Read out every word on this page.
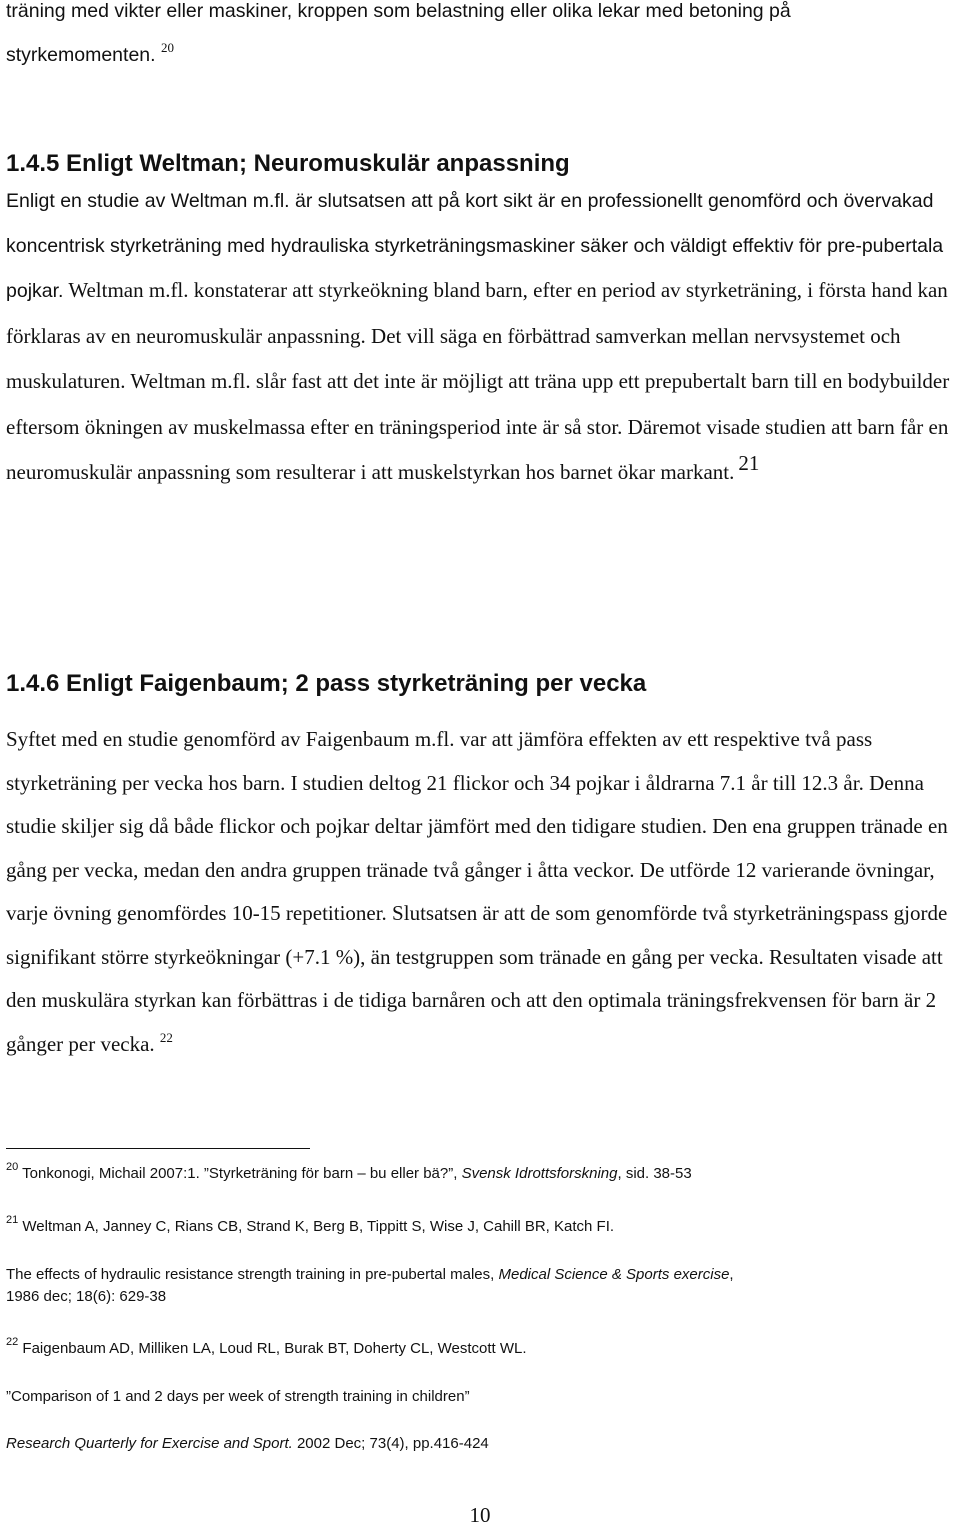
träning med vikter eller maskiner, kroppen som belastning eller olika lekar med betoning på
styrkemomenten. $^{20}$

1.4.5 Enligt Weltman; Neuromuskulär anpassning

Enligt en studie av Weltman m.fl. är slutsatsen att på kort sikt är en professionellt genomförd och övervakad koncentrisk styrketräning med hydrauliska styrketräningsmaskiner säker och väldigt effektiv för pre-pubertala pojkar. Weltman m.fl. konstaterar att styrkeökning bland barn, efter en period av styrketräning, i första hand kan förklaras av en neuromuskulär anpassning. Det vill säga en förbättrad samverkan mellan nervsystemet och muskulaturen. Weltman m.fl. slår fast att det inte är möjligt att träna upp ett prepubertalt barn till en bodybuilder eftersom ökningen av muskelmassa efter en träningsperiod inte är så stor. Däremot visade studien att barn får en neuromuskulär anpassning som resulterar i att muskelstyrkan hos barnet ökar markant. $^{21}$

1.4.6 Enligt Faigenbaum; 2 pass styrketräning per vecka

Syftet med en studie genomförd av Faigenbaum m.fl. var att jämföra effekten av ett respektive två pass styrketräning per vecka hos barn. I studien deltog 21 flickor och 34 pojkar i åldrarna 7.1 år till 12.3 år. Denna studie skiljer sig då både flickor och pojkar deltar jämfört med den tidigare studien. Den ena gruppen tränade en gång per vecka, medan den andra gruppen tränade två gånger i åtta veckor. De utförde 12 varierande övningar, varje övning genomfördes 10-15 repetitioner. Slutsatsen är att de som genomförde två styrketräningspass gjorde signifikant större styrkeökningar (+7.1 %), än testgruppen som tränade en gång per vecka. Resultaten visade att den muskulära styrkan kan förbättras i de tidiga barnåren och att den optimala träningsfrekvensen för barn är 2 gånger per vecka. $^{22}$

$^{20}$ Tonkonogi, Michail 2007:1. ”Styrketräning för barn – bu eller bä?”, Svensk Idrottsforskning, sid. 38-53

$^{21}$ Weltman A, Janney C, Rians CB, Strand K, Berg B, Tippitt S, Wise J, Cahill BR, Katch FI.

The effects of hydraulic resistance strength training in pre-pubertal males, Medical Science & Sports exercise,
1986 dec; 18(6): 629-38

$^{22}$ Faigenbaum AD, Milliken LA, Loud RL, Burak BT, Doherty CL, Westcott WL.

”Comparison of 1 and 2 days per week of strength training in children”

Research Quarterly for Exercise and Sport. 2002 Dec; 73(4), pp.416-424

10
